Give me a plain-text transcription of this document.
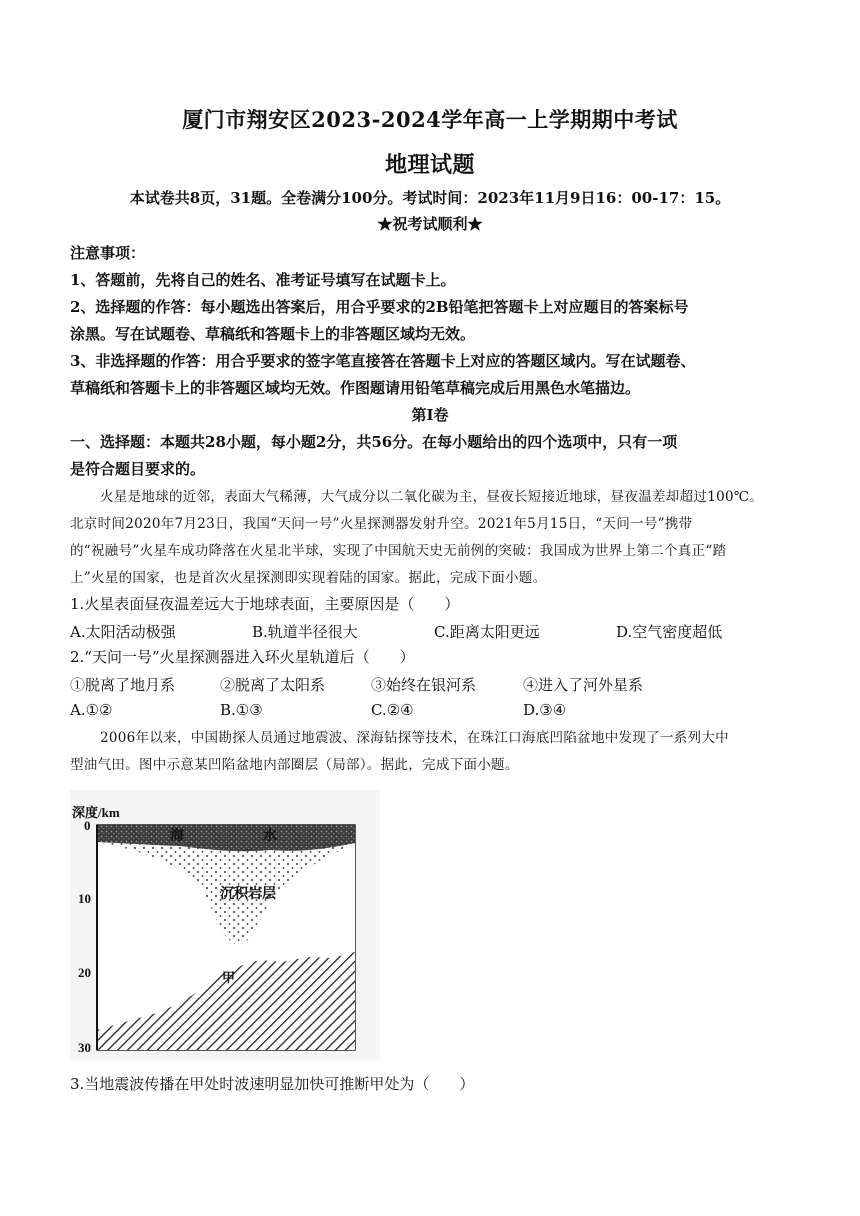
厦门市翔安区2023-2024学年高一上学期期中考试
地理试题
本试卷共8页，31题。全卷满分100分。考试时间：2023年11月9日16：00-17：15。
★祝考试顺利★
注意事项：
1、答题前，先将自己的姓名、准考证号填写在试题卡上。
2、选择题的作答：每小题选出答案后，用合乎要求的2B铅笔把答题卡上对应题目的答案标号
涂黑。写在试题卷、草稿纸和答题卡上的非答题区域均无效。
3、非选择题的作答：用合乎要求的签字笔直接答在答题卡上对应的答题区域内。写在试题卷、
草稿纸和答题卡上的非答题区域均无效。作图题请用铅笔草稿完成后用黑色水笔描边。
第Ⅰ卷
一、选择题：本题共28小题，每小题2分，共56分。在每小题给出的四个选项中，只有一项
是符合题目要求的。
火星是地球的近邻，表面大气稀薄，大气成分以二氧化碳为主，昼夜长短接近地球，昼夜温差却超过100℃。
北京时间2020年7月23日，我国“天问一号”火星探测器发射升空。2021年5月15日，“天问一号”携带
的“祝融号”火星车成功降落在火星北半球，实现了中国航天史无前例的突破：我国成为世界上第二个真正“踏
上”火星的国家，也是首次火星探测即实现着陆的国家。据此，完成下面小题。
1.火星表面昼夜温差远大于地球表面，主要原因是（　　）
A.太阳活动极强	B.轨道半径很大	C.距离太阳更远	D.空气密度超低
2.“天问一号”火星探测器进入环火星轨道后（　　）
①脱离了地月系	②脱离了太阳系	③始终在银河系	④进入了河外星系
A.①②	B.①③	C.②④	D.③④
2006年以来，中国勘探人员通过地震波、深海钻探等技术，在珠江口海底凹陷盆地中发现了一系列大中
型油气田。图中示意某凹陷盆地内部圈层（局部）。据此，完成下面小题。
3.当地震波传播在甲处时波速明显加快可推断甲处为（　　）
深度/km
0
10
20
30
海	水
沉积岩层
甲
